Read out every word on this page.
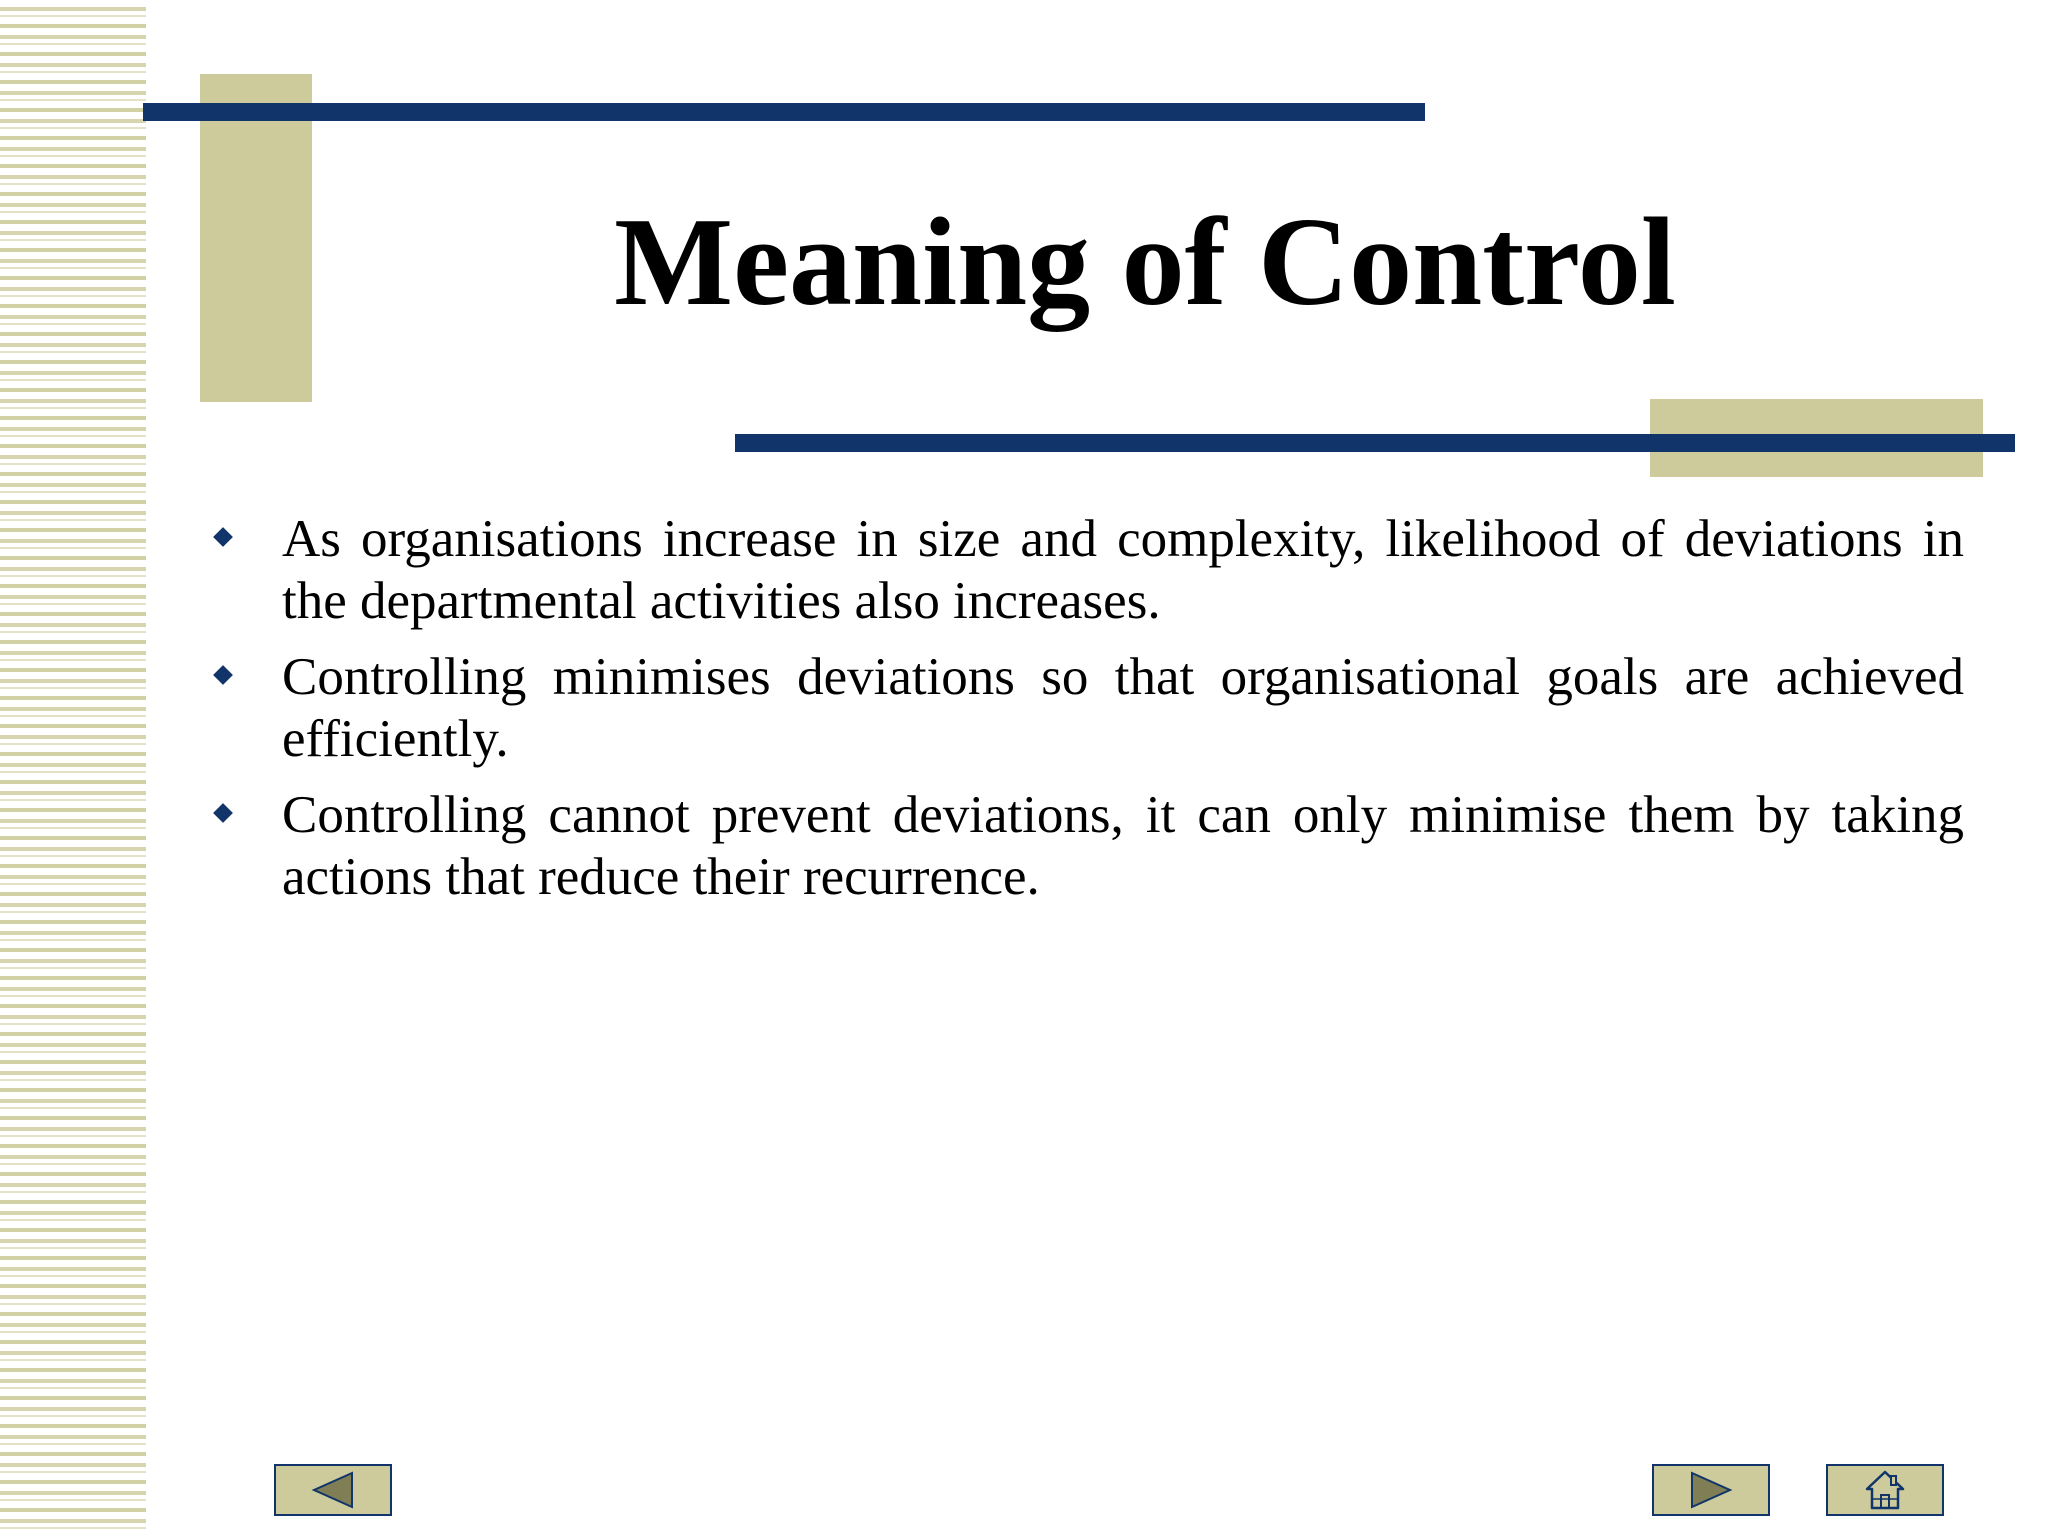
Meaning of Control
As organisations increase in size and complexity, likelihood of deviations in the departmental activities also increases.
Controlling minimises deviations so that organisational goals are achieved efficiently.
Controlling cannot prevent deviations, it can only minimise them by taking actions that reduce their recurrence.
